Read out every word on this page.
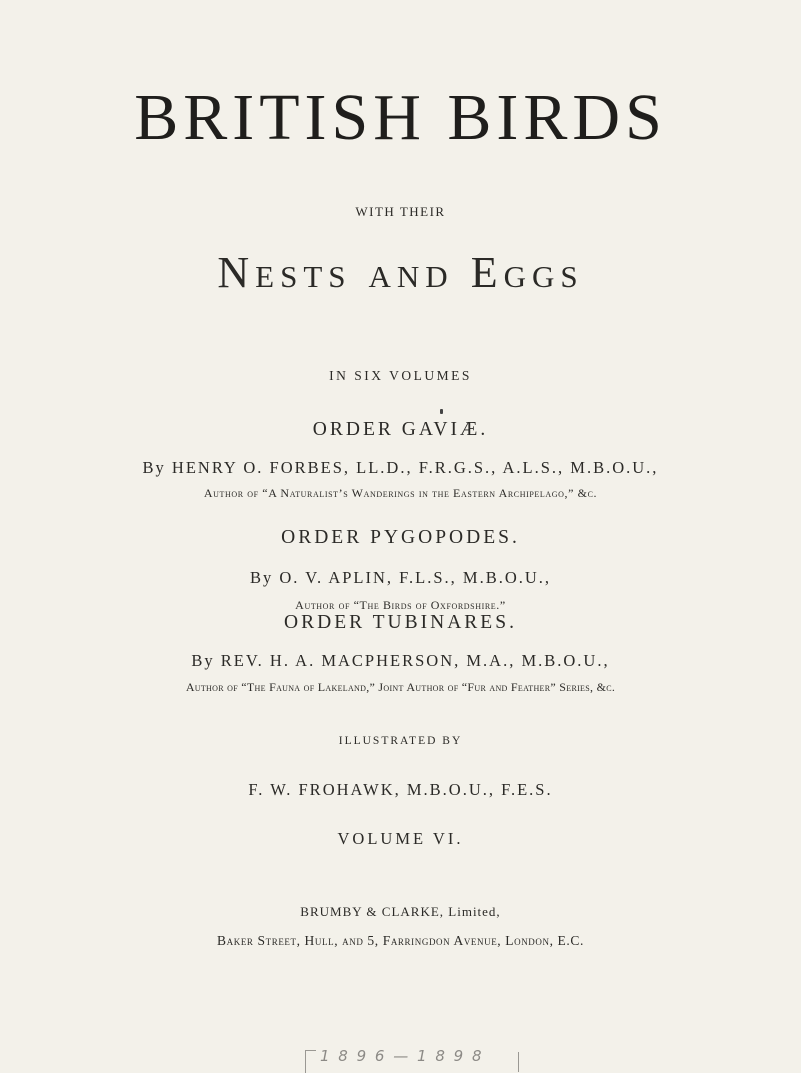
BRITISH BIRDS
WITH THEIR
Nests and Eggs
IN SIX VOLUMES
ORDER GAVIÆ.
By HENRY O. FORBES, LL.D., F.R.G.S., A.L.S., M.B.O.U.,
Author of “A Naturalist’s Wanderings in the Eastern Archipelago,” &c.
ORDER PYGOPODES.
By O. V. APLIN, F.L.S., M.B.O.U.,
Author of “The Birds of Oxfordshire.”
ORDER TUBINARES.
By REV. H. A. MACPHERSON, M.A., M.B.O.U.,
Author of “The Fauna of Lakeland,” Joint Author of “Fur and Feather” Series, &c.
ILLUSTRATED BY
F. W. FROHAWK, M.B.O.U., F.E.S.
VOLUME VI.
BRUMBY & CLARKE, Limited,
Baker Street, Hull, and 5, Farringdon Avenue, London, E.C.
1 8 9 6 — 1 8 9 8
